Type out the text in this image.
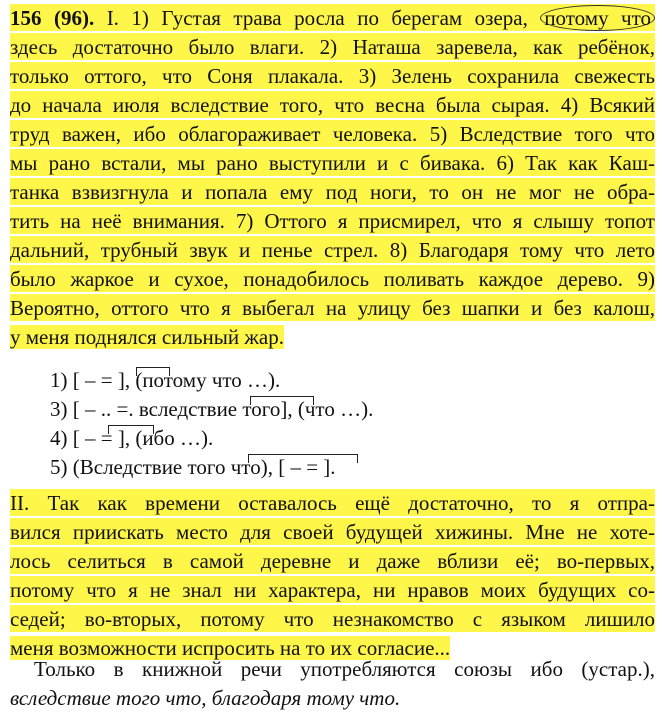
156 (96). I. 1) Густая трава росла по берегам озера, потому что
здесь достаточно было влаги. 2) Наташа заревела, как ребёнок,
только оттого, что Соня плакала. 3) Зелень сохранила свежесть
до начала июля вследствие того, что весна была сырая. 4) Всякий
труд важен, ибо облагораживает человека. 5) Вследствие того что
мы рано встали, мы рано выступили и с бивака. 6) Так как Каш-
танка взвизгнула и попала ему под ноги, то он не мог не обра-
тить на неё внимания. 7) Оттого я присмирел, что я слышу топот
дальний, трубный звук и пенье стрел. 8) Благодаря тому что лето
было жаркое и сухое, понадобилось поливать каждое дерево. 9)
Вероятно, оттого что я выбегал на улицу без шапки и без калош,
у меня поднялся сильный жар.
1) [ – = ], (потому что …).
3) [ – .. =. вследствие того], (что …).
4) [ – = ], (ибо …).
5) (Вследствие того что), [ – = ].
II. Так как времени оставалось ещё достаточно, то я отпра-
вился приискать место для своей будущей хижины. Мне не хоте-
лось селиться в самой деревне и даже вблизи её; во-первых,
потому что я не знал ни характера, ни нравов моих будущих со-
седей; во-вторых, потому что незнакомство с языком лишило
меня возможности испросить на то их согласие...
Только в книжной речи употребляются союзы ибо (устар.),
вследствие того что, благодаря тому что.
